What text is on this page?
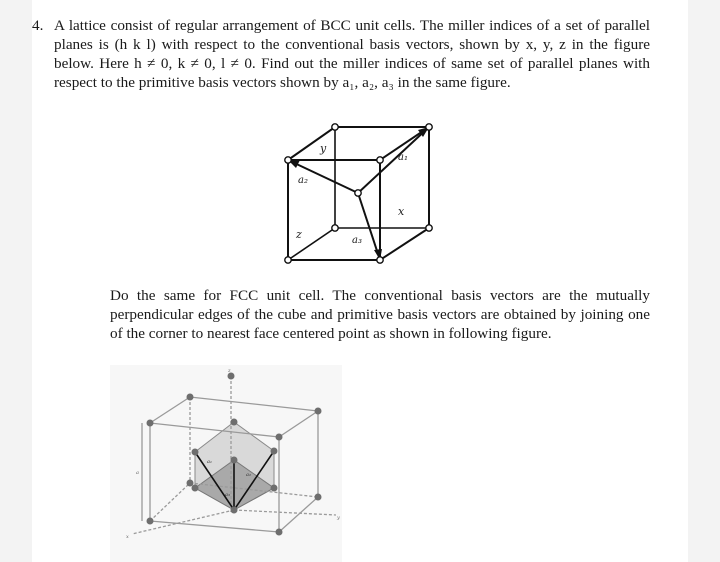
4. A lattice consist of regular arrangement of BCC unit cells. The miller indices of a set of parallel planes is (h k l) with respect to the conventional basis vectors, shown by x, y, z in the figure below. Here h ≠ 0, k ≠ 0, l ≠ 0. Find out the miller indices of same set of parallel planes with respect to the primitive basis vectors shown by a₁, a₂, a₃ in the same figure.

y
a₁
a₂
x
z	a₃
Do the same for FCC unit cell. The conventional basis vectors are the mutually perpendicular edges of the cube and primitive basis vectors are obtained by joining one of the corner to nearest face centered point as shown in following figure.
z
a
x
y
a₁
a₂
a₃
